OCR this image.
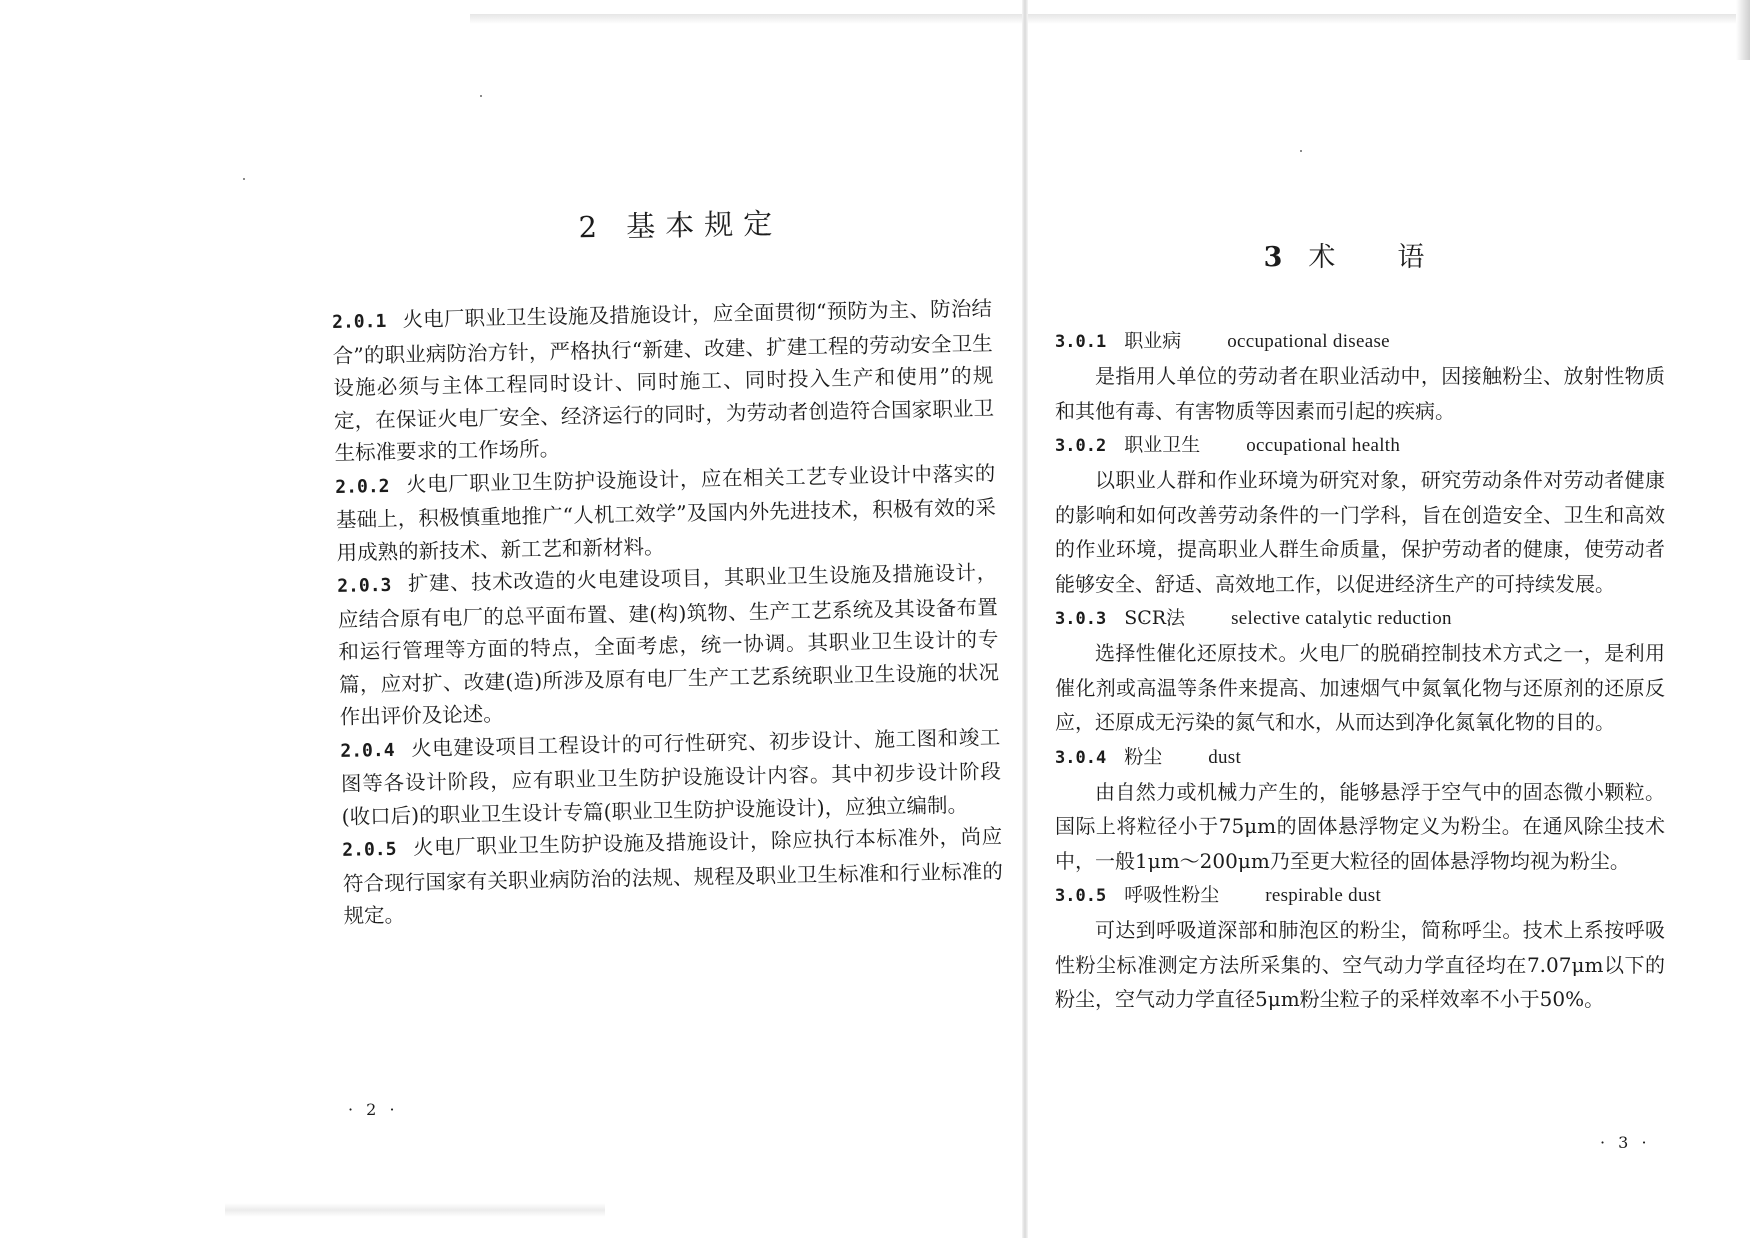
2 基本规定

2.0.1 火电厂职业卫生设施及措施设计，应全面贯彻“预防为主、防治结合”的职业病防治方针，严格执行“新建、改建、扩建工程的劳动安全卫生设施必须与主体工程同时设计、同时施工、同时投入生产和使用”的规定，在保证火电厂安全、经济运行的同时，为劳动者创造符合国家职业卫生标准要求的工作场所。

2.0.2 火电厂职业卫生防护设施设计，应在相关工艺专业设计中落实的基础上，积极慎重地推广“人机工效学”及国内外先进技术，积极有效的采用成熟的新技术、新工艺和新材料。

2.0.3 扩建、技术改造的火电建设项目，其职业卫生设施及措施设计，应结合原有电厂的总平面布置、建(构)筑物、生产工艺系统及其设备布置和运行管理等方面的特点，全面考虑，统一协调。其职业卫生设计的专篇，应对扩、改建(造)所涉及原有电厂生产工艺系统职业卫生设施的状况作出评价及论述。

2.0.4 火电建设项目工程设计的可行性研究、初步设计、施工图和竣工图等各设计阶段，应有职业卫生防护设施设计内容。其中初步设计阶段(收口后)的职业卫生设计专篇(职业卫生防护设施设计)，应独立编制。

2.0.5 火电厂职业卫生防护设施及措施设计，除应执行本标准外，尚应符合现行国家有关职业病防治的法规、规程及职业卫生标准和行业标准的规定。

· 2 ·
3 术语

3.0.1 职业病 occupational disease

是指用人单位的劳动者在职业活动中，因接触粉尘、放射性物质和其他有毒、有害物质等因素而引起的疾病。

3.0.2 职业卫生 occupational health

以职业人群和作业环境为研究对象，研究劳动条件对劳动者健康的影响和如何改善劳动条件的一门学科，旨在创造安全、卫生和高效的作业环境，提高职业人群生命质量，保护劳动者的健康，使劳动者能够安全、舒适、高效地工作，以促进经济生产的可持续发展。

3.0.3 SCR法 selective catalytic reduction

选择性催化还原技术。火电厂的脱硝控制技术方式之一，是利用催化剂或高温等条件来提高、加速烟气中氮氧化物与还原剂的还原反应，还原成无污染的氮气和水，从而达到净化氮氧化物的目的。

3.0.4 粉尘 dust

由自然力或机械力产生的，能够悬浮于空气中的固态微小颗粒。国际上将粒径小于75μm的固体悬浮物定义为粉尘。在通风除尘技术中，一般1μm～200μm乃至更大粒径的固体悬浮物均视为粉尘。

3.0.5 呼吸性粉尘 respirable dust

可达到呼吸道深部和肺泡区的粉尘，简称呼尘。技术上系按呼吸性粉尘标准测定方法所采集的、空气动力学直径均在7.07μm以下的粉尘，空气动力学直径5μm粉尘粒子的采样效率不小于50%。

· 3 ·
